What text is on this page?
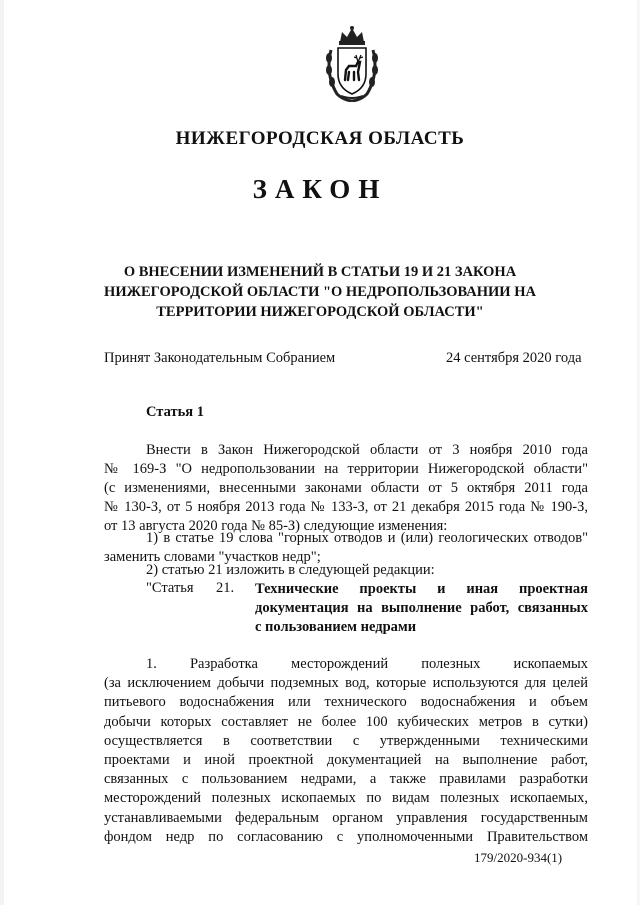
НИЖЕГОРОДСКАЯ ОБЛАСТЬ
ЗАКОН
О ВНЕСЕНИИ ИЗМЕНЕНИЙ В СТАТЬИ 19 И 21 ЗАКОНА
НИЖЕГОРОДСКОЙ ОБЛАСТИ "О НЕДРОПОЛЬЗОВАНИИ НА
ТЕРРИТОРИИ НИЖЕГОРОДСКОЙ ОБЛАСТИ"
Принят Законодательным Собранием	24 сентября 2020 года
Статья 1
Внести в Закон Нижегородской области от 3 ноября 2010 года
№ 169-З "О недропользовании на территории Нижегородской области"
(с изменениями, внесенными законами области от 5 октября 2011 года
№ 130-З, от 5 ноября 2013 года № 133-З, от 21 декабря 2015 года № 190-З,
от 13 августа 2020 года № 85-З) следующие изменения:
1) в статье 19 слова "горных отводов и (или) геологических отводов"
заменить словами "участков недр";
2) статью 21 изложить в следующей редакции:
"Статья 21. Технические проекты и иная проектная
документация на выполнение работ, связанных
с пользованием недрами
1. Разработка месторождений полезных ископаемых
(за исключением добычи подземных вод, которые используются для целей
питьевого водоснабжения или технического водоснабжения и объем
добычи которых составляет не более 100 кубических метров в сутки)
осуществляется в соответствии с утвержденными техническими
проектами и иной проектной документацией на выполнение работ,
связанных с пользованием недрами, а также правилами разработки
месторождений полезных ископаемых по видам полезных ископаемых,
устанавливаемыми федеральным органом управления государственным
фондом недр по согласованию с уполномоченными Правительством
179/2020-934(1)
